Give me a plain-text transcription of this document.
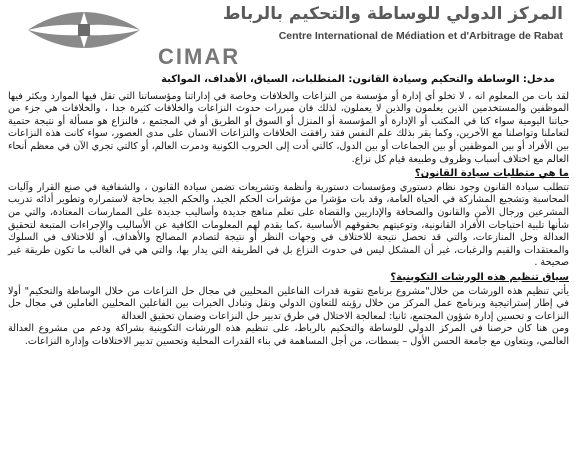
المركز الدولي للوساطة والتحكيم بالرباط
Centre International de Médiation et d'Arbitrage de Rabat
CIMAR
مدخل: الوساطة والتحكيم وسيادة القانون: المتطلبات، السياق، الأهداف، المواكبة

لقد بات من المعلوم انه ، لا تخلو أي إدارة أو مؤسسة من النزاعات والخلافات وخاصة في إداراتنا ومؤسساتنا التي تقل فيها الموارد ويكثر فيها الموظفين والمستخدمين الذين يعلمون والذين لا يعملون، لذلك فان مبررات حدوث النزاعات والخلافات كثيرة جدا ، والخلافات هي جزء من حياتنا اليومية سواء كنا في المكتب أو الإدارة أو المؤسسة أو المنزل أو السوق أو الطريق أو في المجتمع ، فالنزاع هو مسألة أو نتيجة حتمية لتعاملنا وتواصلنا مع الآخرين، وكما يقر بذلك علم النفس فقد رافقت الخلافات والنزاعات الانسان على مدى العصور، سواء كانت هذه النزاعات بين الأفراد أو بين الموظفين أو بين الجماعات أو بين الدول، كالتي أدت إلى الحروب الكونية ودمرت العالم، أو كالتي تجري الآن في معظم أنحاء العالم مع اختلاف أسباب وظروف وطبيعة قيام كل نزاع.

ما هي متطلبات سيادة القانون؟

تتطلب سيادة القانون وجود نظام دستوري ومؤسسات دستورية وأنظمة وتشريعات تضمن سيادة القانون ، والشفافية في صنع القرار وآليات المحاسبة وتشجيع المشاركة في الحياة العامة، وقد بات مؤشرا من مؤشرات الحكم الجيد، والحكم الجيد بحاجة لاستمراره وتطوير أدائه تدريب المشرعين ورجال الأمن والقانون والصحافة والإداريين والقضاة على تعلم مناهج جديدة وأساليب جديدة على الممارسات المعتادة، والتي من شأنها تلبية احتياجات الأفراد القانونية، وتوعيتهم بحقوقهم الأساسية ،كما يقدم لهم المعلومات الكافية عن الأساليب والإجراءات المتبعة لتحقيق العدالة وحل المنازعات، والتي قد تحصل نتيجة للاختلاف في وجهات النظر أو نتيجة لتصادم المصالح والأهداف، أو للاختلاف في السلوك والمعتقدات والقيم والرغبات، غير أن المشكل ليس في حدوث النزاع بل في الطريقة التي يدار بها، والتي هي في الغالب ما تكون طريقة غير صحيحة .

سياق تنظيم هذه الورشات التكوينية؟

يأتي تنظيم هذه الورشات من خلال"مشروع برنامج تقوية قدرات الفاعلين المحليين في مجال حل النزاعات من خلال الوساطة والتحكيم" أولا في إطار إستراتيجية وبرنامج عمل المركز من خلال رؤيته للتعاون الدولي ونقل وتبادل الخبرات بين الفاعلين المحليين العاملين في مجال حل النزاعات و تحسين إدارة شؤون المجتمع، ثانيا: لمعالجة الاختلال في طرق تدبير حل النزاعات وضمان تحقيق العدالة

ومن هنا كان حرصنا في المركز الدولي للوساطة والتحكيم بالرباط، على تنظيم هذه الورشات التكوينية بشراكة ودعم من مشروع العدالة العالمي، وبتعاون مع جامعة الحسن الأول – بسطات، من أجل المساهمة في بناء القدرات المحلية وتحسين تدبير الاختلافات وإدارة النزاعات.
